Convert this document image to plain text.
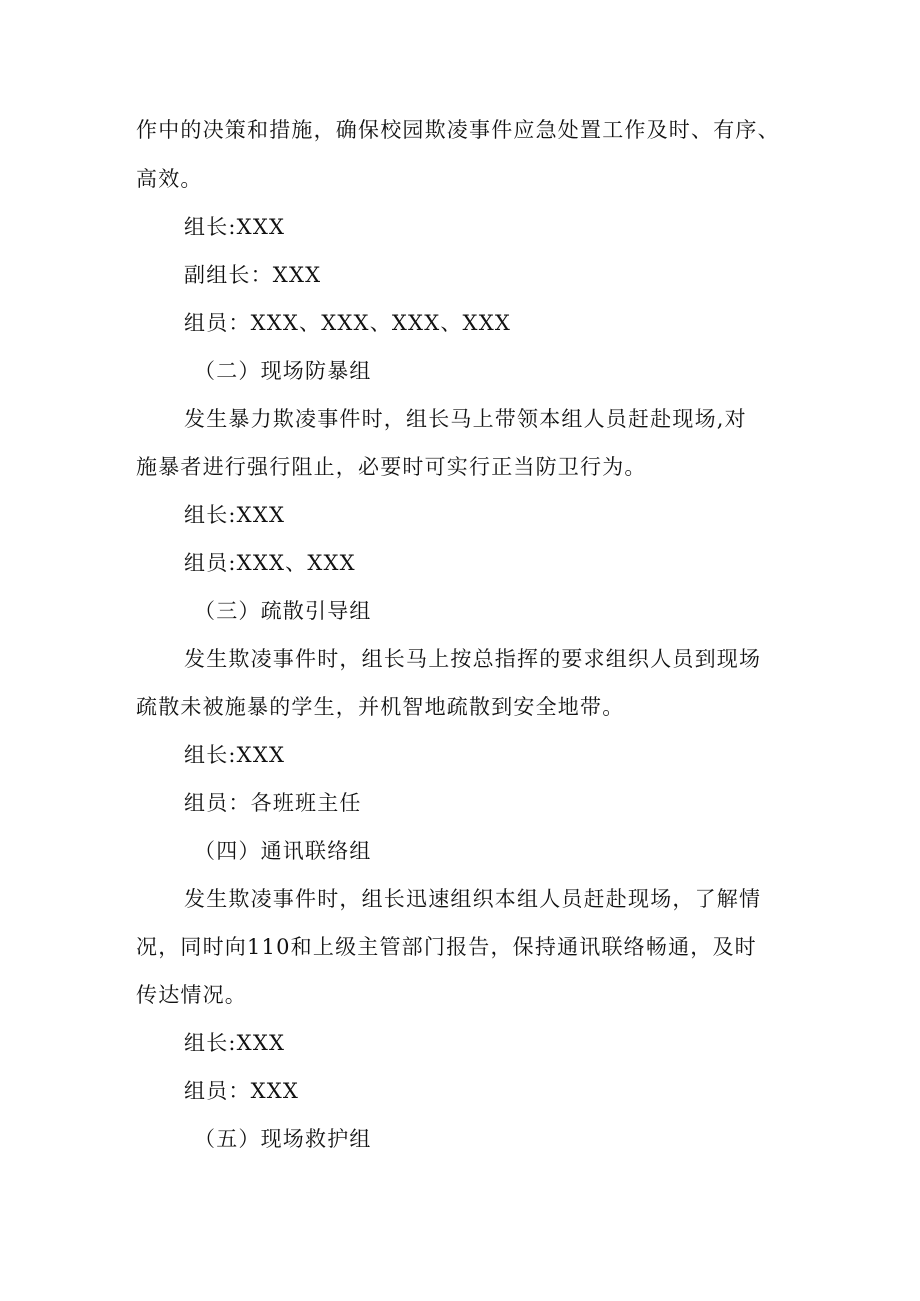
作中的决策和措施，确保校园欺凌事件应急处置工作及时、有序、
高效。
组长:XXX
副组长：XXX
组员：XXX、XXX、XXX、XXX
（二）现场防暴组
发生暴力欺凌事件时，组长马上带领本组人员赶赴现场,对
施暴者进行强行阻止，必要时可实行正当防卫行为。
组长:XXX
组员:XXX、XXX
（三）疏散引导组
发生欺凌事件时，组长马上按总指挥的要求组织人员到现场
疏散未被施暴的学生，并机智地疏散到安全地带。
组长:XXX
组员：各班班主任
（四）通讯联络组
发生欺凌事件时，组长迅速组织本组人员赶赴现场，了解情
况，同时向110和上级主管部门报告，保持通讯联络畅通，及时
传达情况。
组长:XXX
组员：XXX
（五）现场救护组
